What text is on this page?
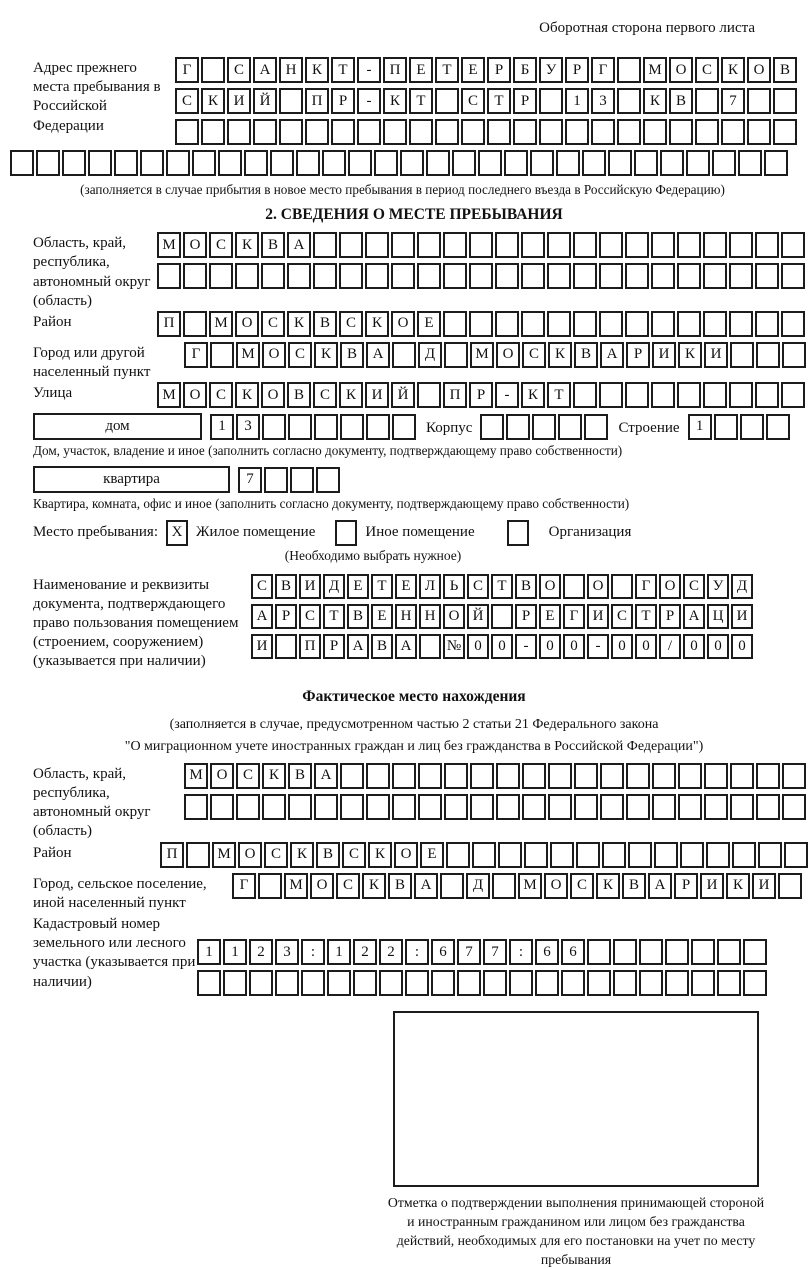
Оборотная сторона первого листа
Адрес прежнего места пребывания в Российской Федерации
Г	С	А	Н	К	Т	-	П	Е	Т	Е	Р	Б	У	Р	Г	М О	С	К	О	В
С	К	И	Й	П	Р	-	К	Т	С	Т	Р	1	3	К	В	7
(заполняется в случае прибытия в новое место пребывания в период последнего въезда в Российскую Федерацию)
2. СВЕДЕНИЯ О МЕСТЕ ПРЕБЫВАНИЯ
Область, край, республика, автономный округ (область)
М О	С	К	В	А
Район	П	М О	С	К	В	С	К	О	Е
Город или другой населенный пункт
Г	М О	С	К	В	А	Д	М О	С	К	В	А	Р	И	К	И
Улица	М О	С	К	О	В	С	К	И	Й	П	Р	-	К	Т
дом	1	3	Корпус	Строение	1
Дом, участок, владение и иное (заполнить согласно документу, подтверждающему право собственности)
квартира	7
Квартира, комната, офис и иное (заполнить согласно документу, подтверждающему право собственности)
Место пребывания: X Жилое помещение	Иное помещение	Организация
(Необходимо выбрать нужное)
Наименование и реквизиты документа, подтверждающего право пользования помещением (строением, сооружением) (указывается при наличии)
С В И Д Е Т Е Л Ь С Т В О	О	Г О С У Д
А Р С Т В Е Н Н О Й	Р	Е	Г И С Т	Р А Ц И
И	П Р А В А	№ 0	0	-	0	0	-	0	0	/	0	0	0
Фактическое место нахождения
(заполняется в случае, предусмотренном частью 2 статьи 21 Федерального закона
"О миграционном учете иностранных граждан и лиц без гражданства в Российской Федерации")
Область, край, республика, автономный округ (область)
М О	С	К	В	А
Район	П	М О	С	К	В	С	К	О	Е
Город, сельское поселение, иной населенный пункт
Г	М О	С	К	В	А	Д	М О	С	К	В	А	Р	И	К	И
Кадастровый номер земельного или лесного участка (указывается при наличии)
1	1	2	3	:	1	2	2	:	6	7	7	:	6	6
Отметка о подтверждении выполнения принимающей стороной и иностранным гражданином или лицом без гражданства действий, необходимых для его постановки на учет по месту пребывания
